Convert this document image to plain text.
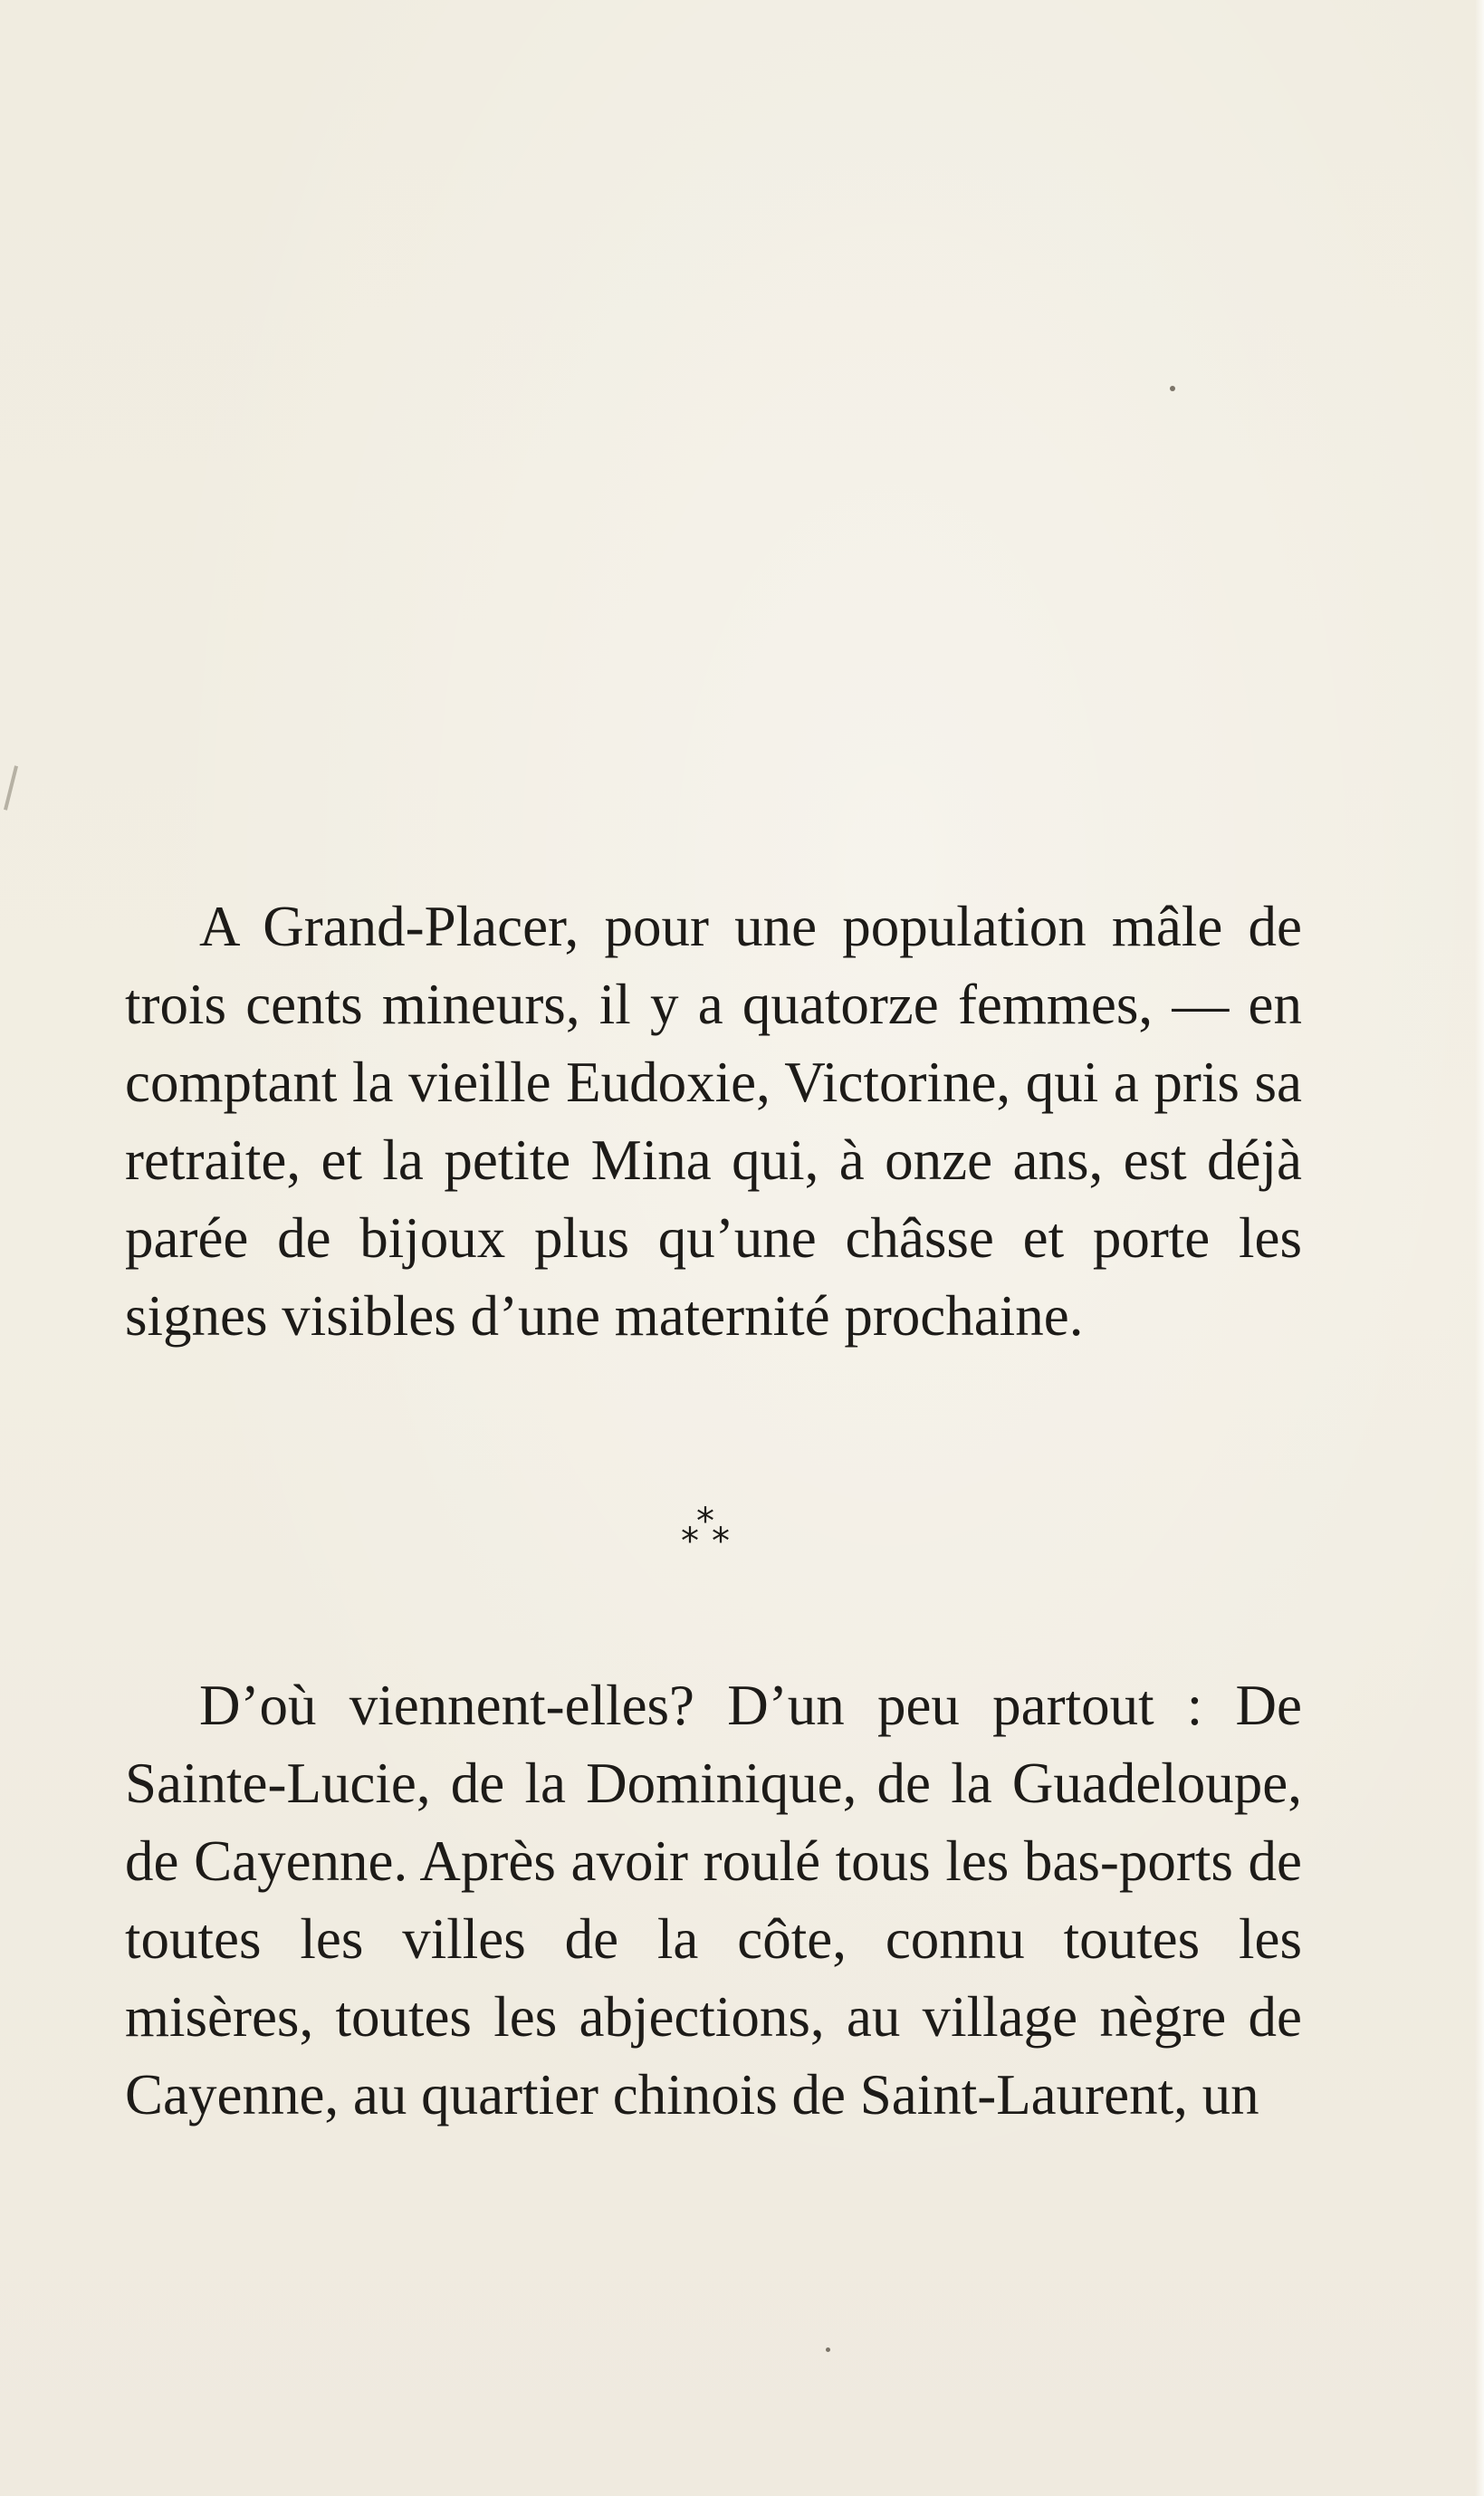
A Grand-Placer, pour une population mâle de trois cents mineurs, il y a quatorze femmes, — en comptant la vieille Eudoxie, Victorine, qui a pris sa retraite, et la petite Mina qui, à onze ans, est déjà parée de bijoux plus qu’une châsse et porte les signes visibles d’une maternité prochaine.

*
* *

D’où viennent-elles? D’un peu partout : De Sainte-Lucie, de la Dominique, de la Guadeloupe, de Cayenne. Après avoir roulé tous les bas-ports de toutes les villes de la côte, connu toutes les misères, toutes les abjections, au village nègre de Cayenne, au quartier chinois de Saint-Laurent, un
